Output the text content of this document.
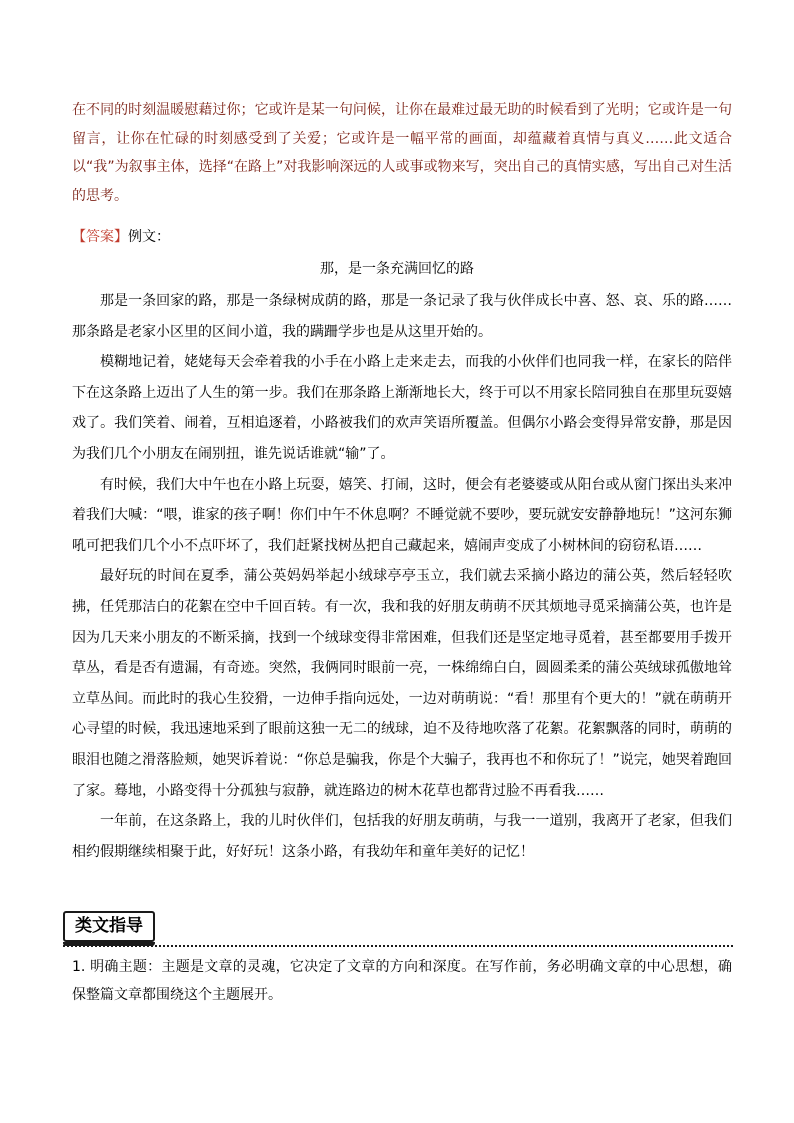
在不同的时刻温暖慰藉过你；它或许是某一句问候，让你在最难过最无助的时候看到了光明；它或许是一句留言，让你在忙碌的时刻感受到了关爱；它或许是一幅平常的画面，却蕴藏着真情与真义……此文适合以“我”为叙事主体，选择“在路上”对我影响深远的人或事或物来写，突出自己的真情实感，写出自己对生活的思考。

【答案】例文：

那，是一条充满回忆的路
那是一条回家的路，那是一条绿树成荫的路，那是一条记录了我与伙伴成长中喜、怒、哀、乐的路……那条路是老家小区里的区间小道，我的蹒跚学步也是从这里开始的。
模糊地记着，姥姥每天会牵着我的小手在小路上走来走去，而我的小伙伴们也同我一样，在家长的陪伴下在这条路上迈出了人生的第一步。我们在那条路上渐渐地长大，终于可以不用家长陪同独自在那里玩耍嬉戏了。我们笑着、闹着，互相追逐着，小路被我们的欢声笑语所覆盖。但偶尔小路会变得异常安静，那是因为我们几个小朋友在闹别扭，谁先说话谁就“输”了。
有时候，我们大中午也在小路上玩耍，嬉笑、打闹，这时，便会有老婆婆或从阳台或从窗门探出头来冲着我们大喊：“喂，谁家的孩子啊！你们中午不休息啊？不睡觉就不要吵，要玩就安安静静地玩！”这河东狮吼可把我们几个小不点吓坏了，我们赶紧找树丛把自己藏起来，嬉闹声变成了小树林间的窃窃私语……
最好玩的时间在夏季，蒲公英妈妈举起小绒球亭亭玉立，我们就去采摘小路边的蒲公英，然后轻轻吹拂，任凭那洁白的花絮在空中千回百转。有一次，我和我的好朋友萌萌不厌其烦地寻觅采摘蒲公英，也许是因为几天来小朋友的不断采摘，找到一个绒球变得非常困难，但我们还是坚定地寻觅着，甚至都要用手拨开草丛，看是否有遗漏，有奇迹。突然，我俩同时眼前一亮，一株绵绵白白，圆圆柔柔的蒲公英绒球孤傲地耸立草丛间。而此时的我心生狡猾，一边伸手指向远处，一边对萌萌说：“看！那里有个更大的！”就在萌萌开心寻望的时候，我迅速地采到了眼前这独一无二的绒球，迫不及待地吹落了花絮。花絮飘落的同时，萌萌的眼泪也随之滑落脸颊，她哭诉着说：“你总是骗我，你是个大骗子，我再也不和你玩了！”说完，她哭着跑回了家。蓦地，小路变得十分孤独与寂静，就连路边的树木花草也都背过脸不再看我……
一年前，在这条路上，我的儿时伙伴们，包括我的好朋友萌萌，与我一一道别，我离开了老家，但我们相约假期继续相聚于此，好好玩！这条小路，有我幼年和童年美好的记忆！
类文指导

1. 明确主题：主题是文章的灵魂，它决定了文章的方向和深度。在写作前，务必明确文章的中心思想，确保整篇文章都围绕这个主题展开。
